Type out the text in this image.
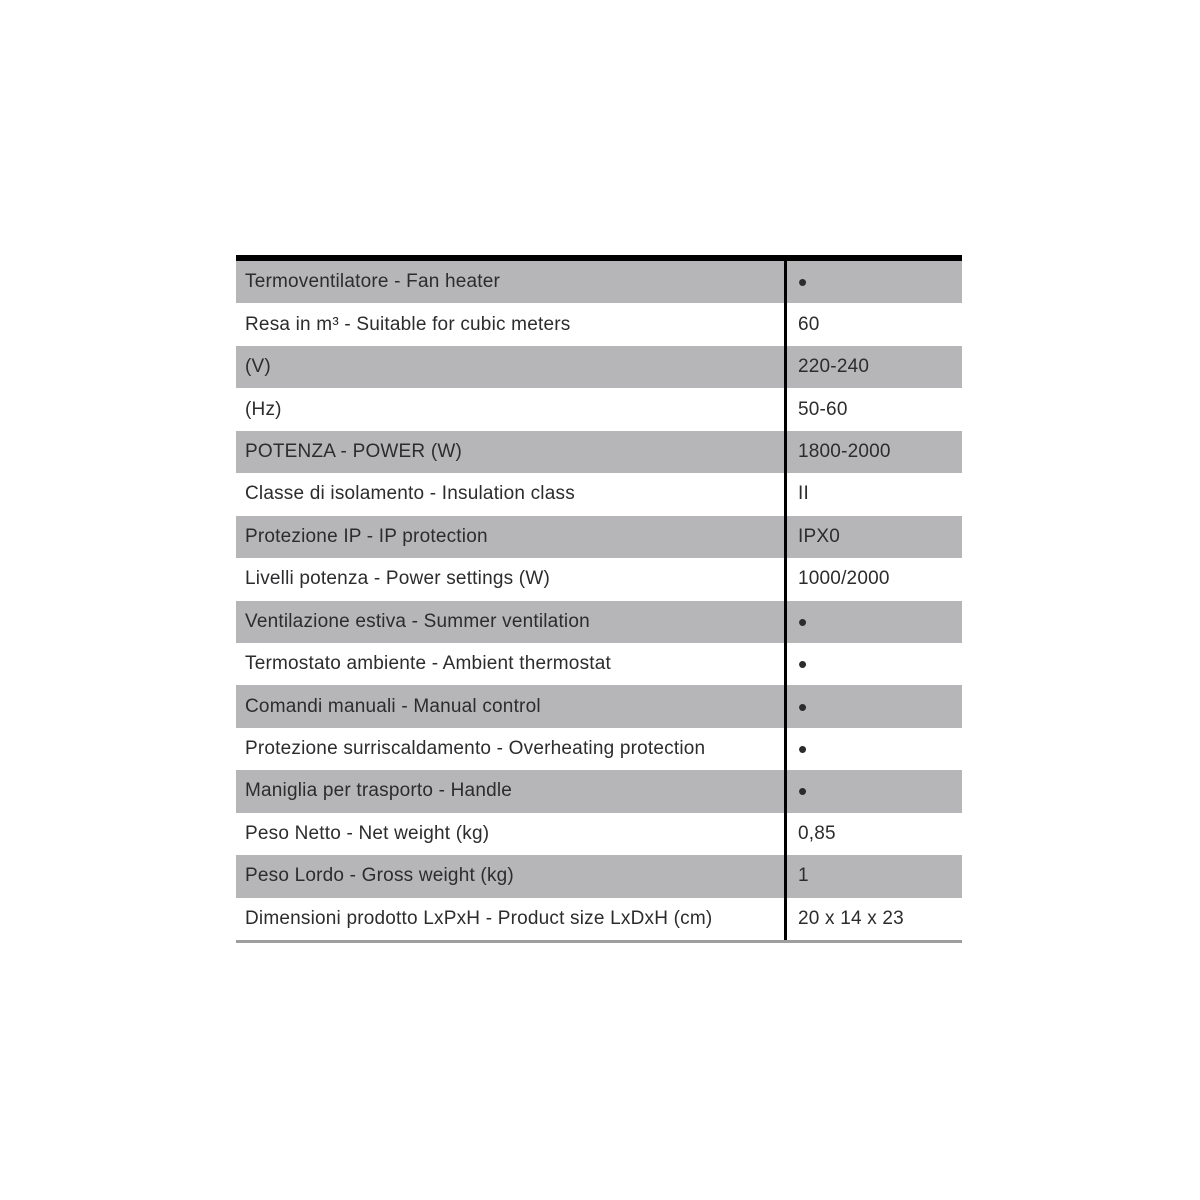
Termoventilatore - Fan heater	•
Resa in m³ - Suitable for cubic meters	60
(V)	220-240
(Hz)	50-60
POTENZA - POWER (W)	1800-2000
Classe di isolamento - Insulation class	II
Protezione IP - IP protection	IPX0
Livelli potenza - Power settings (W)	1000/2000
Ventilazione estiva - Summer ventilation	•
Termostato ambiente - Ambient thermostat	•
Comandi manuali - Manual control	•
Protezione surriscaldamento - Overheating protection	•
Maniglia per trasporto - Handle	•
Peso Netto - Net weight (kg)	0,85
Peso Lordo - Gross weight (kg)	1
Dimensioni prodotto LxPxH - Product size LxDxH (cm)	20 x 14 x 23
